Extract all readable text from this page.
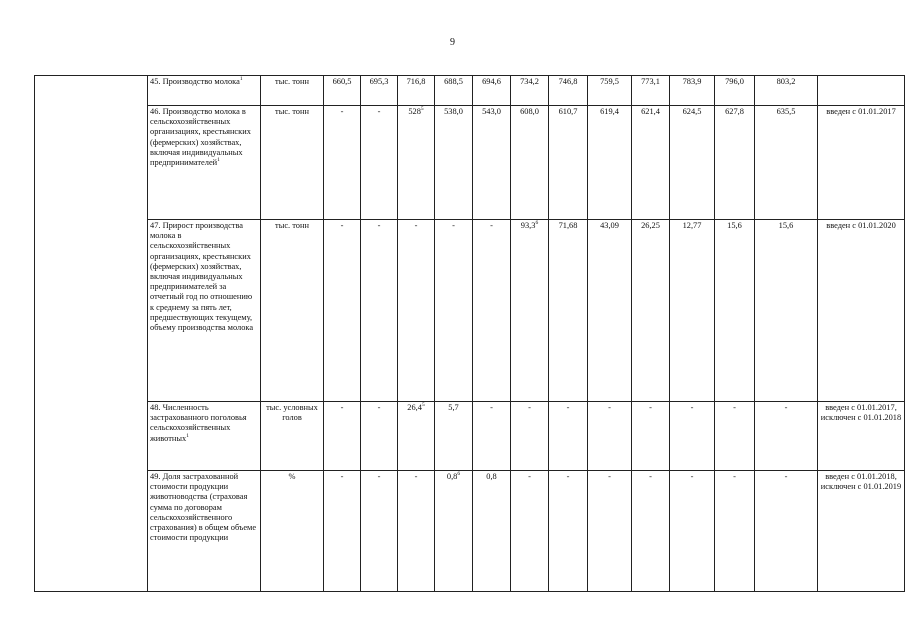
9
	45. Производство молока$^1$	тыс. тонн	660,5	695,3	716,8	688,5	694,6	734,2	746,8	759,5	773,1	783,9	796,0	803,2	
	46. Производство молока в сельскохозяйственных организациях, крестьянских (фермерских) хозяйствах, включая индивидуальных предпринимателей$^1$	тыс. тонн	-	-	$528^5$	538,0	543,0	608,0	610,7	619,4	621,4	624,5	627,8	635,5	введен с 01.01.2017
	47. Прирост производства молока в сельскохозяйственных организациях, крестьянских (фермерских) хозяйствах, включая индивидуальных предпринимателей за отчетный год по отношению к среднему за пять лет, предшествующих текущему, объему производства молока	тыс. тонн	-	-	-	-	-	93,3$^6$	71,68	43,09	26,25	12,77	15,6	15,6	введен с 01.01.2020
	48. Численность застрахованного поголовья сельскохозяйственных животных$^1$	тыс. условных голов	-	-	26,4$^5$	5,7	-	-	-	-	-	-	-	-	введен с 01.01.2017, исключен с 01.01.2018
	49. Доля застрахованной стоимости продукции животноводства (страховая сумма по договорам сельскохозяйственного страхования) в общем объеме стоимости продукции	%	-	-	-	$0,8^6$	0,8	-	-	-	-	-	-	-	введен с 01.01.2018, исключен с 01.01.2019
